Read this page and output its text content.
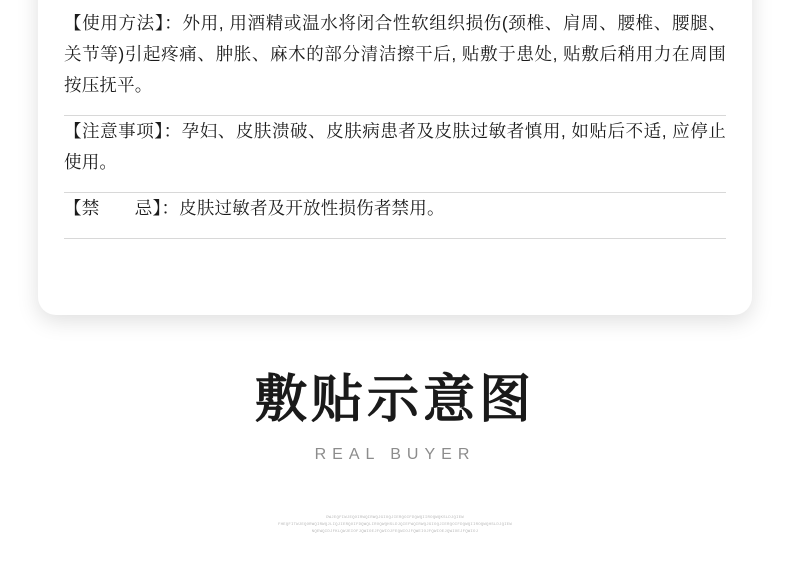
【使用方法】：外用, 用酒精或温水将闭合性软组织损伤(颈椎、肩周、腰椎、腰腿、关节等)引起疼痛、肿胀、麻木的部分清洁擦干后, 贴敷于患处, 贴敷后稍用力在周围按压抚平。
【注意事项】：孕妇、皮肤溃破、皮肤病患者及皮肤过敏者慎用, 如贴后不适, 应停止使用。
【禁　　忌】：皮肤过敏者及开放性损伤者禁用。
敷贴示意图
REAL BUYER
DWJEQFIWJEQOIRWQIRWQJGIOQJIERQOIFDQWQIIROQWQKSLDJQIEW
FHEQFITWJEQORWQIRWQJLIQJIERQOIFDQWQLIROQWQHSLDJQIEFWQIRWQJGIOQJIERQOIFDQWQIIROQWQHSLDJQIEW
NQEWQIDJFKLQWJEIOFJQWIOEJFQWIOJFEQWIOJFQWEIOJFQWIOEJQWIOEJFQWIOJ
